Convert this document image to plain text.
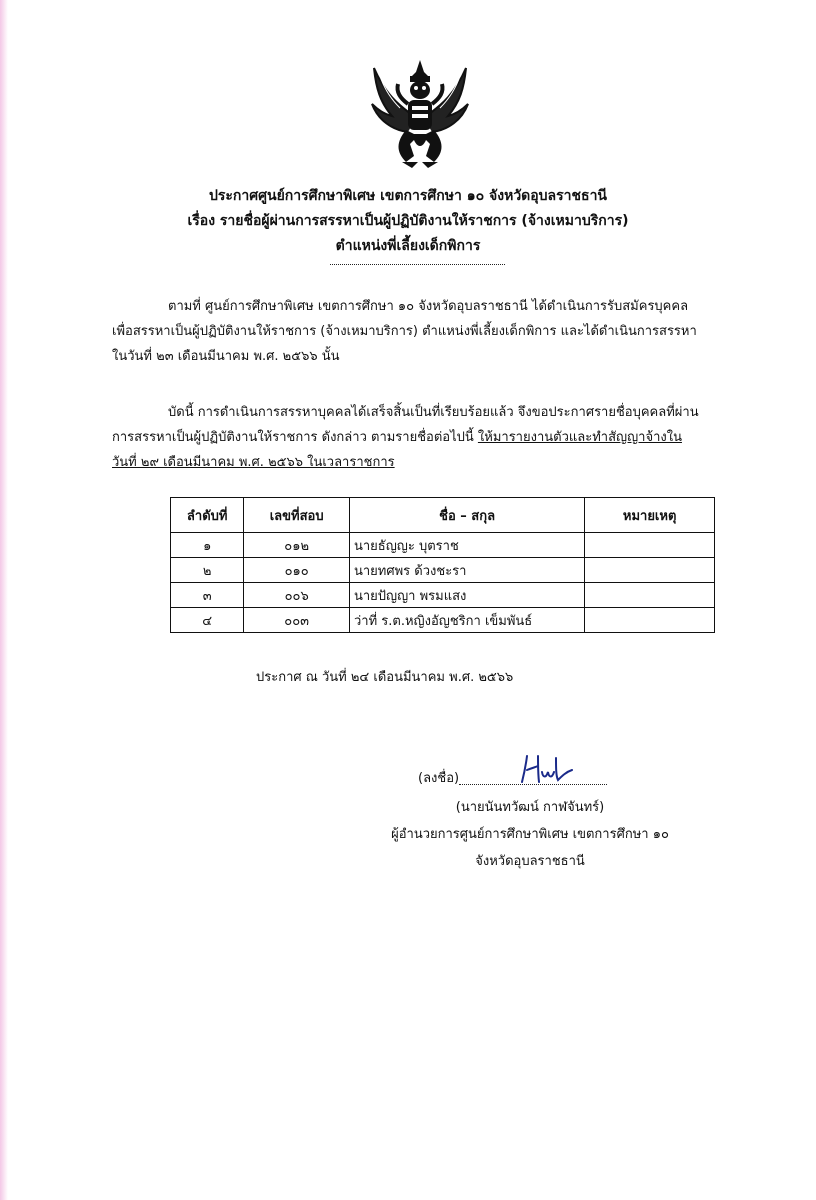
ประกาศศูนย์การศึกษาพิเศษ เขตการศึกษา ๑๐ จังหวัดอุบลราชธานี
เรื่อง รายชื่อผู้ผ่านการสรรหาเป็นผู้ปฏิบัติงานให้ราชการ (จ้างเหมาบริการ)
ตำแหน่งพี่เลี้ยงเด็กพิการ
ตามที่ ศูนย์การศึกษาพิเศษ เขตการศึกษา ๑๐ จังหวัดอุบลราชธานี ได้ดำเนินการรับสมัครบุคคล
เพื่อสรรหาเป็นผู้ปฏิบัติงานให้ราชการ (จ้างเหมาบริการ) ตำแหน่งพี่เลี้ยงเด็กพิการ และได้ดำเนินการสรรหา
ในวันที่ ๒๓ เดือนมีนาคม พ.ศ. ๒๕๖๖ นั้น
บัดนี้ การดำเนินการสรรหาบุคคลได้เสร็จสิ้นเป็นที่เรียบร้อยแล้ว จึงขอประกาศรายชื่อบุคคลที่ผ่าน
การสรรหาเป็นผู้ปฏิบัติงานให้ราชการ ดังกล่าว ตามรายชื่อต่อไปนี้ ให้มารายงานตัวและทำสัญญาจ้างใน
วันที่ ๒๙ เดือนมีนาคม พ.ศ. ๒๕๖๖ ในเวลาราชการ
ลำดับที่	เลขที่สอบ	ชื่อ – สกุล	หมายเหตุ
๑	๐๑๒	นายธัญญะ บุตราช	
๒	๐๑๐	นายทศพร ด้วงชะรา	
๓	๐๐๖	นายปัญญา พรมแสง	
๔	๐๐๓	ว่าที่ ร.ต.หญิงอัญชริกา เข็มพันธ์	
ประกาศ ณ วันที่ ๒๔ เดือนมีนาคม พ.ศ. ๒๕๖๖
(ลงชื่อ)
(นายนันทวัฒน์ กาฬจันทร์)
ผู้อำนวยการศูนย์การศึกษาพิเศษ เขตการศึกษา ๑๐
จังหวัดอุบลราชธานี
